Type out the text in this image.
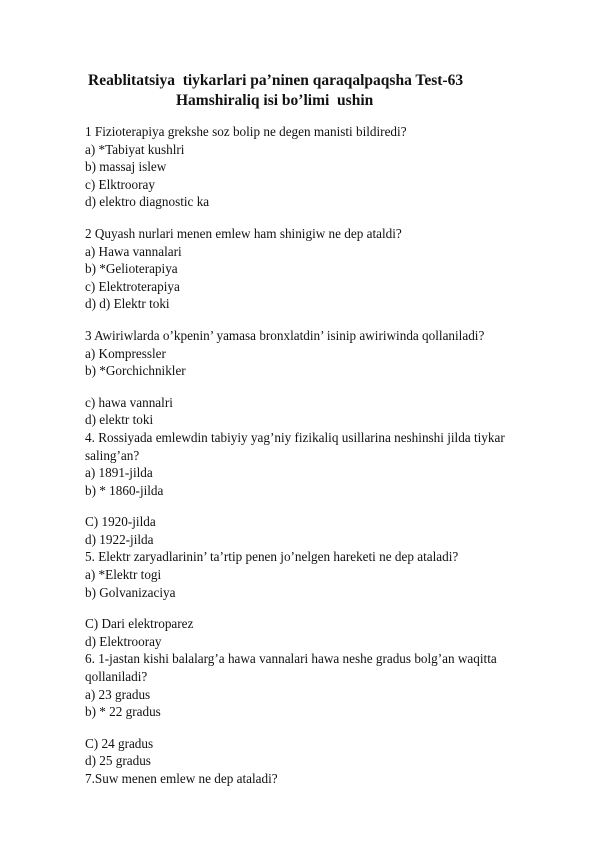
Reablitatsiya  tiykarlari pa’ninen qaraqalpaqsha Test-63
Hamshiraliq isi bo’limi  ushin
1 Fizioterapiya grekshe soz bolip ne degen manisti bildiredi?
a) *Tabiyat kushlri
b) massaj islew
c) Elktrooray
d) elektro diagnostic ka
2 Quyash nurlari menen emlew ham shinigiw ne dep ataldi?
a) Hawa vannalari
b) *Gelioterapiya
c) Elektroterapiya
d) d) Elektr toki
3 Awiriwlarda o’kpenin’ yamasa bronxlatdin’ isinip awiriwinda qollaniladi?
a) Kompressler
b) *Gorchichnikler
c) hawa vannalri
d) elektr toki
4. Rossiyada emlewdin tabiyiy yag’niy fizikaliq usillarina neshinshi jilda tiykar saling’an?
a) 1891-jilda
b) * 1860-jilda
C) 1920-jilda
d) 1922-jilda
5. Elektr zaryadlarinin’ ta’rtip penen jo’nelgen hareketi ne dep ataladi?
a) *Elektr togi
b) Golvanizaciya
C) Dari elektroparez
d) Elektrooray
6. 1-jastan kishi balalarg’a hawa vannalari hawa neshe gradus bolg’an waqitta qollaniladi?
a) 23 gradus
b) * 22 gradus
C) 24 gradus
d) 25 gradus
7.Suw menen emlew ne dep ataladi?
